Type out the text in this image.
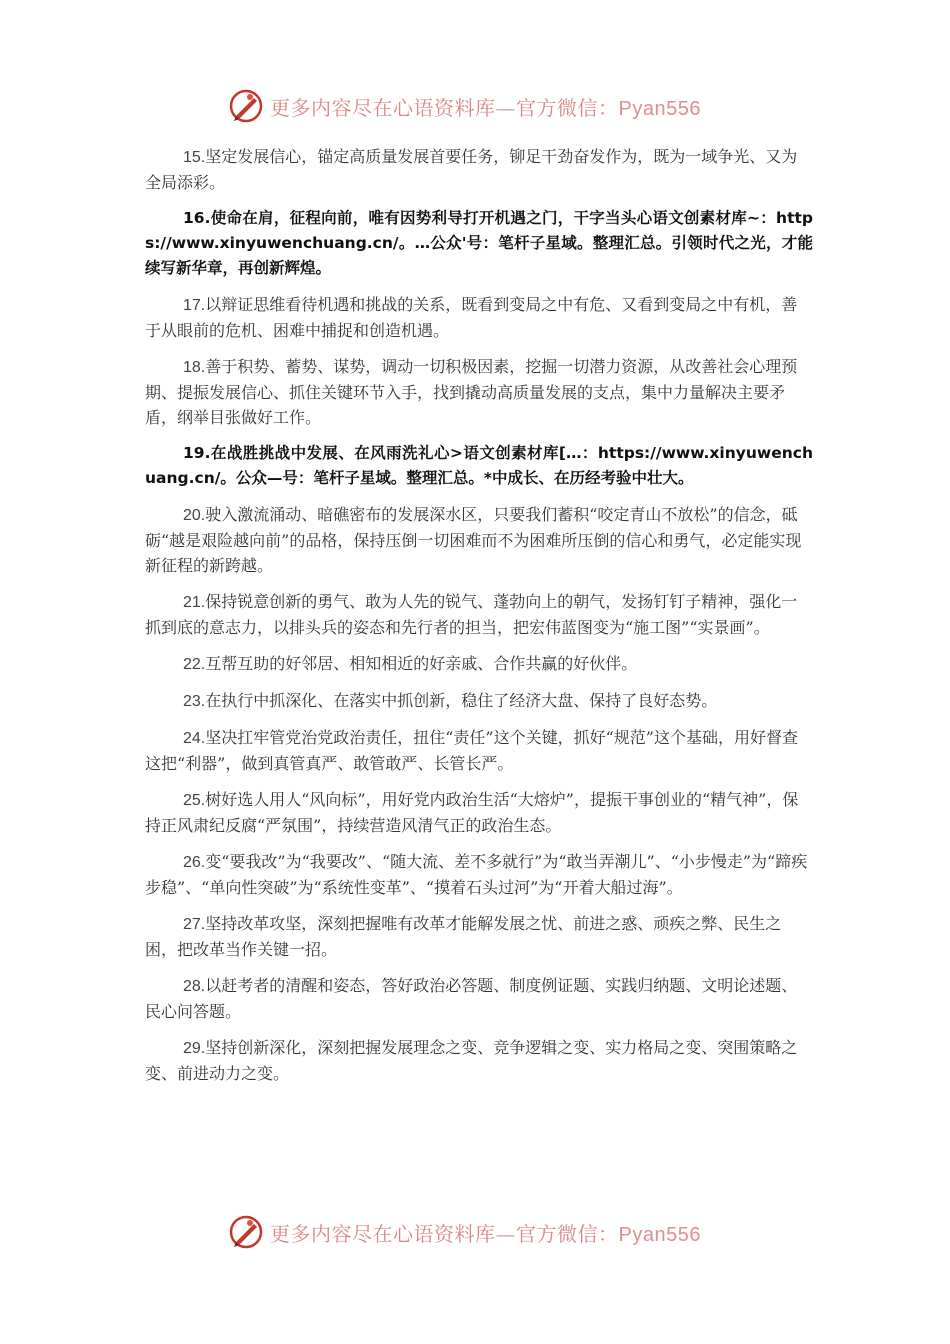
更多内容尽在心语资料库—官方微信：Pyan556

15.坚定发展信心，锚定高质量发展首要任务，铆足干劲奋发作为，既为一域争光、又为全局添彩。

16.使命在肩，征程向前，唯有因势利导打开机遇之门，干字当头心语文创素材库~：https://www.xinyuwenchuang.cn/。…公众'号：笔杆子星域。整理汇总。引领时代之光，才能续写新华章，再创新辉煌。

17.以辩证思维看待机遇和挑战的关系，既看到变局之中有危、又看到变局之中有机，善于从眼前的危机、困难中捕捉和创造机遇。

18.善于积势、蓄势、谋势，调动一切积极因素，挖掘一切潜力资源，从改善社会心理预期、提振发展信心、抓住关键环节入手，找到撬动高质量发展的支点，集中力量解决主要矛盾，纲举目张做好工作。

19.在战胜挑战中发展、在风雨洗礼心>语文创素材库[…：https://www.xinyuwenchuang.cn/。公众—号：笔杆子星域。整理汇总。*中成长、在历经考验中壮大。

20.驶入激流涌动、暗礁密布的发展深水区，只要我们蓄积“咬定青山不放松”的信念，砥砺“越是艰险越向前”的品格，保持压倒一切困难而不为困难所压倒的信心和勇气，必定能实现新征程的新跨越。

21.保持锐意创新的勇气、敢为人先的锐气、蓬勃向上的朝气，发扬钉钉子精神，强化一抓到底的意志力，以排头兵的姿态和先行者的担当，把宏伟蓝图变为“施工图”“实景画”。

22.互帮互助的好邻居、相知相近的好亲戚、合作共赢的好伙伴。

23.在执行中抓深化、在落实中抓创新，稳住了经济大盘、保持了良好态势。

24.坚决扛牢管党治党政治责任，扭住“责任”这个关键，抓好“规范”这个基础，用好督查这把“利器”，做到真管真严、敢管敢严、长管长严。

25.树好选人用人“风向标”，用好党内政治生活“大熔炉”，提振干事创业的“精气神”，保持正风肃纪反腐“严氛围”，持续营造风清气正的政治生态。

26.变“要我改”为“我要改”、“随大流、差不多就行”为“敢当弄潮儿”、“小步慢走”为“蹄疾步稳”、“单向性突破”为“系统性变革”、“摸着石头过河”为“开着大船过海”。

27.坚持改革攻坚，深刻把握唯有改革才能解发展之忧、前进之惑、顽疾之弊、民生之困，把改革当作关键一招。

28.以赶考者的清醒和姿态，答好政治必答题、制度例证题、实践归纳题、文明论述题、民心问答题。

29.坚持创新深化，深刻把握发展理念之变、竞争逻辑之变、实力格局之变、突围策略之变、前进动力之变。

更多内容尽在心语资料库—官方微信：Pyan556
